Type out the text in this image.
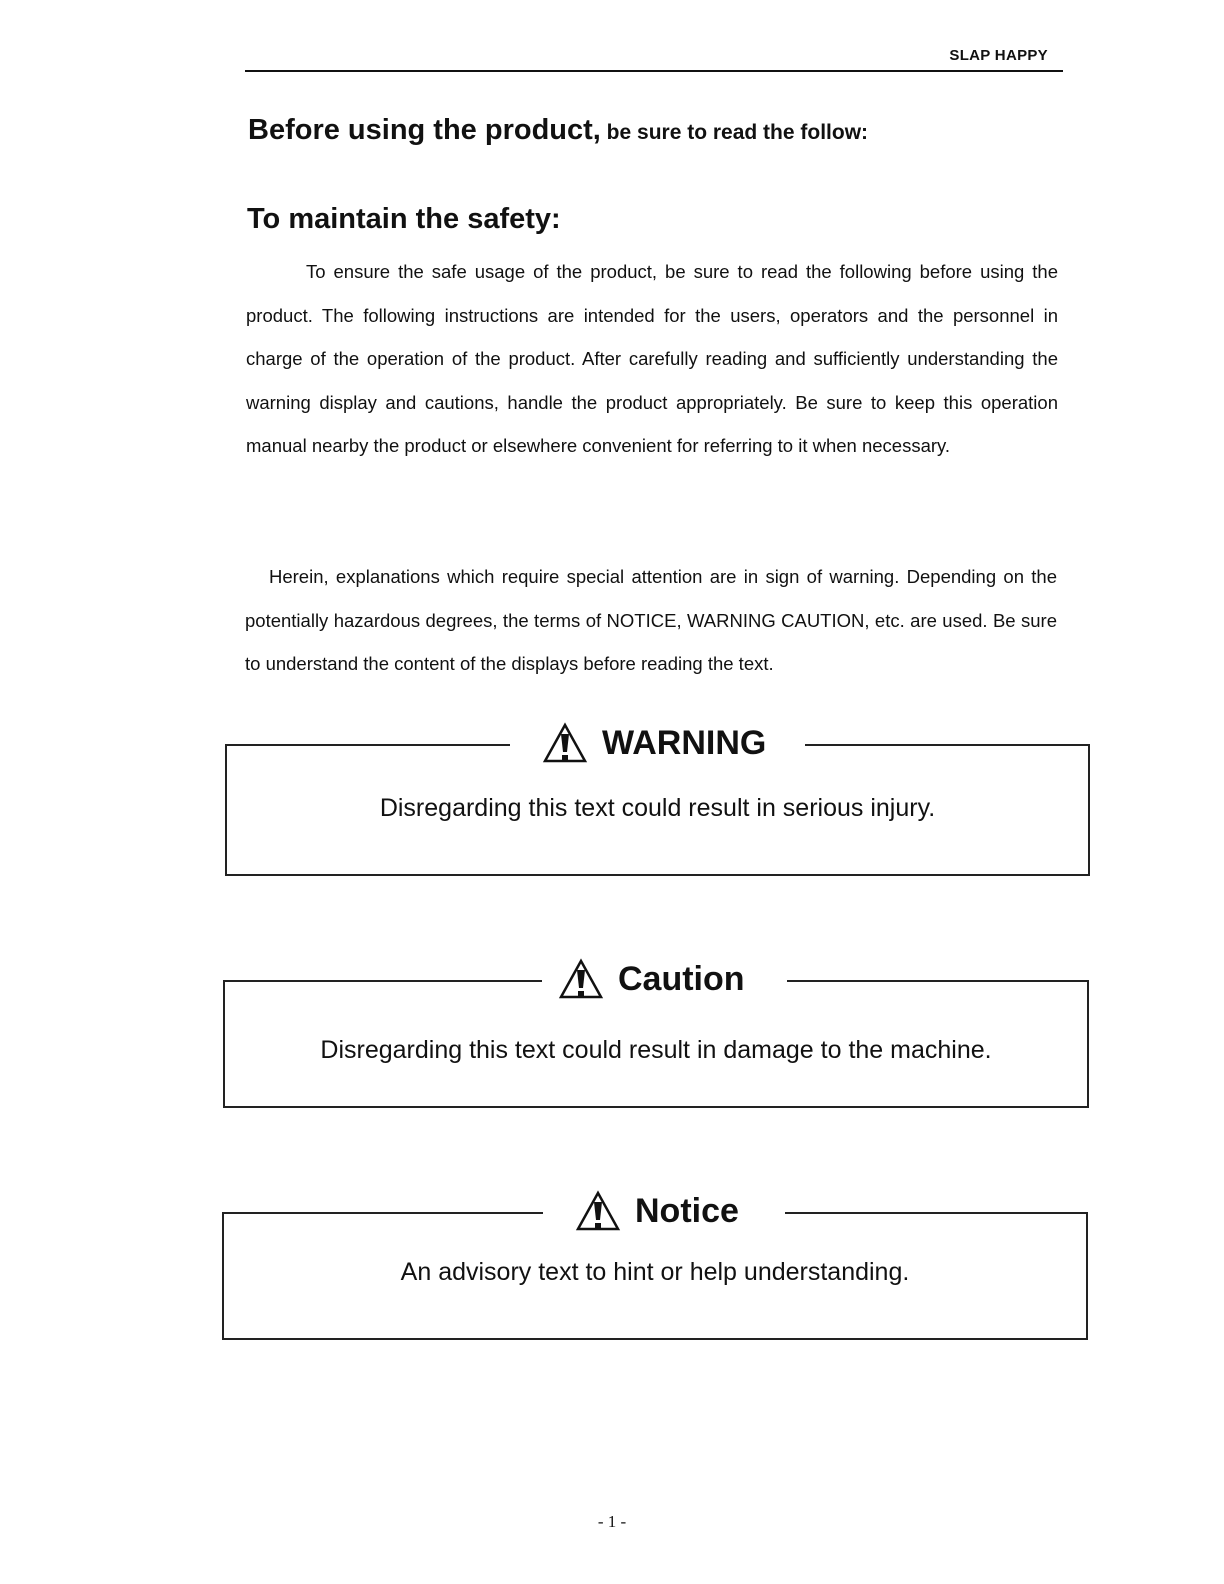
SLAP HAPPY
Before using the product, be sure to read the follow:
To maintain the safety:
To ensure the safe usage of the product, be sure to read the following before using the product. The following instructions are intended for the users, operators and the personnel in charge of the operation of the product. After carefully reading and sufficiently understanding the warning display and cautions, handle the product appropriately. Be sure to keep this operation manual nearby the product or elsewhere convenient for referring to it when necessary.
Herein, explanations which require special attention are in sign of warning. Depending on the potentially hazardous degrees, the terms of NOTICE, WARNING CAUTION, etc. are used. Be sure to understand the content of the displays before reading the text.
WARNING
Disregarding this text could result in serious injury.
Caution
Disregarding this text could result in damage to the machine.
Notice
An advisory text to hint or help understanding.
- 1 -
